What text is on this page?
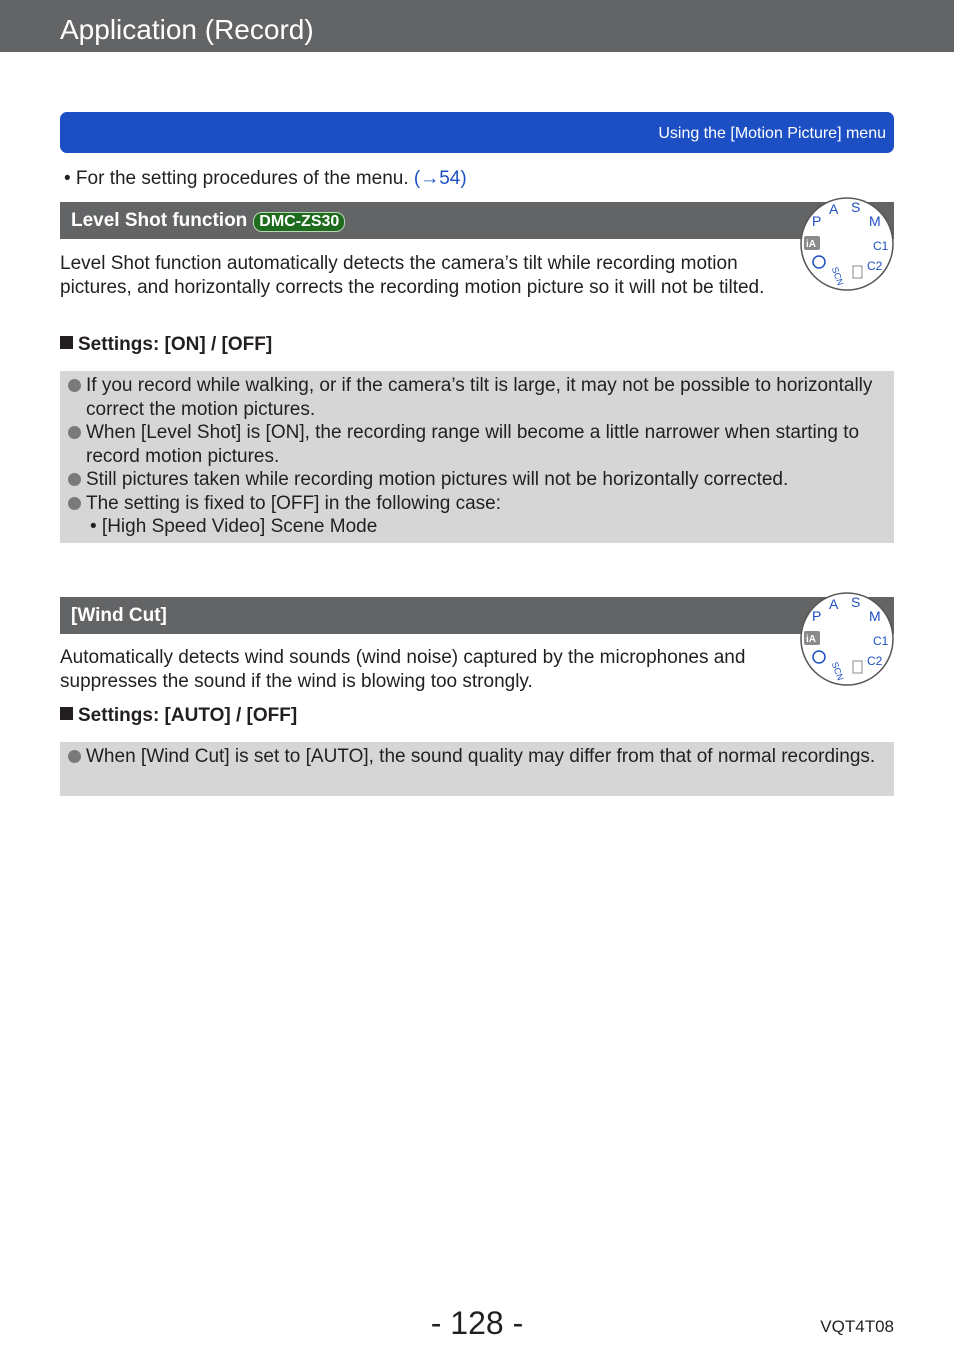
Application (Record)
Using the [Motion Picture] menu
• For the setting procedures of the menu. (→54)
Level Shot function DMC-ZS30	P
A S
M
C1
C2
SCN
iA
Level Shot function automatically detects the camera’s tilt while recording motion pictures, and horizontally corrects the recording motion picture so it will not be tilted.
Settings: [ON] / [OFF]
If you record while walking, or if the camera’s tilt is large, it may not be possible to horizontally correct the motion pictures.
When [Level Shot] is [ON], the recording range will become a little narrower when starting to record motion pictures.
Still pictures taken while recording motion pictures will not be horizontally corrected.
The setting is fixed to [OFF] in the following case:
• [High Speed Video] Scene Mode
[Wind Cut]	P
A S
M
C1
C2
SCN
iA
Automatically detects wind sounds (wind noise) captured by the microphones and suppresses the sound if the wind is blowing too strongly.
Settings: [AUTO] / [OFF]
When [Wind Cut] is set to [AUTO], the sound quality may differ from that of normal recordings.
- 128 -	VQT4T08
